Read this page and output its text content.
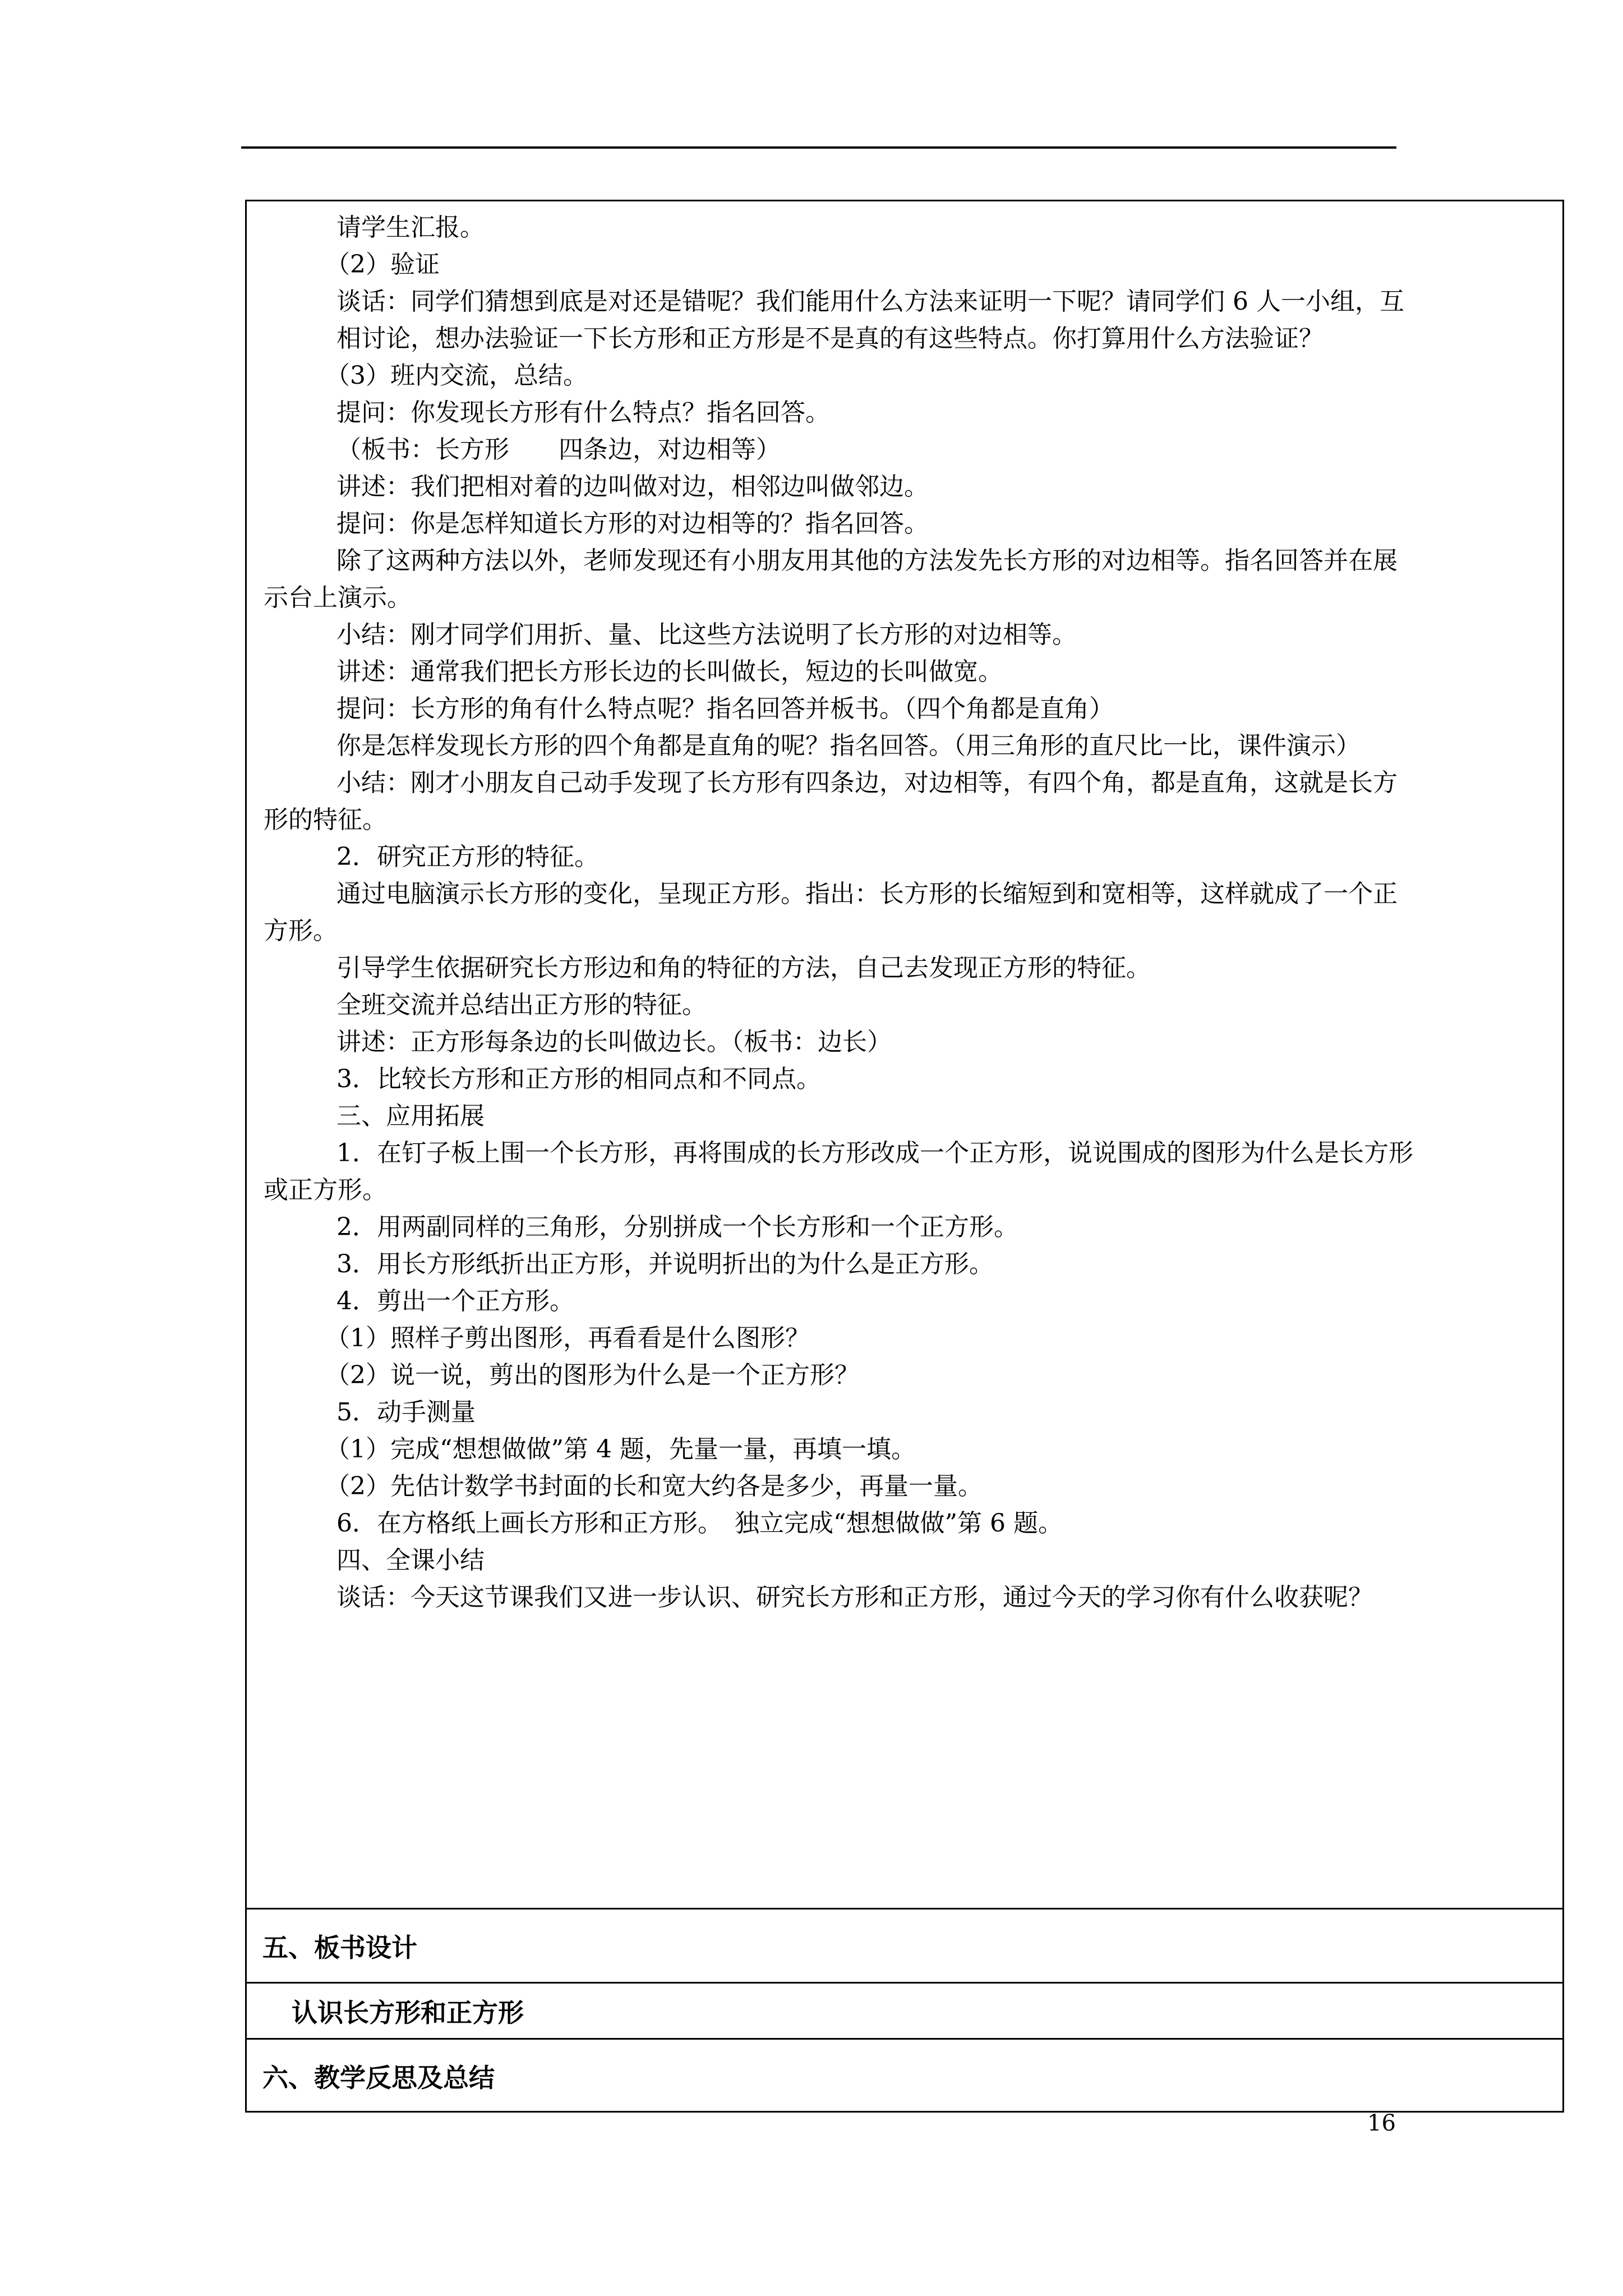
请学生汇报。
（2）验证
谈话：同学们猜想到底是对还是错呢？我们能用什么方法来证明一下呢？请同学们 6 人一小组，互
相讨论，想办法验证一下长方形和正方形是不是真的有这些特点。你打算用什么方法验证？
（3）班内交流，总结。
提问：你发现长方形有什么特点？指名回答。
（板书：长方形　　四条边，对边相等）
讲述：我们把相对着的边叫做对边，相邻边叫做邻边。
提问：你是怎样知道长方形的对边相等的？指名回答。
除了这两种方法以外，老师发现还有小朋友用其他的方法发先长方形的对边相等。指名回答并在展
示台上演示。
小结：刚才同学们用折、量、比这些方法说明了长方形的对边相等。
讲述：通常我们把长方形长边的长叫做长，短边的长叫做宽。
提问：长方形的角有什么特点呢？指名回答并板书。（四个角都是直角）
你是怎样发现长方形的四个角都是直角的呢？指名回答。（用三角形的直尺比一比，课件演示）
小结：刚才小朋友自己动手发现了长方形有四条边，对边相等，有四个角，都是直角，这就是长方
形的特征。
2．研究正方形的特征。
通过电脑演示长方形的变化，呈现正方形。指出：长方形的长缩短到和宽相等，这样就成了一个正
方形。
引导学生依据研究长方形边和角的特征的方法，自己去发现正方形的特征。
全班交流并总结出正方形的特征。
讲述：正方形每条边的长叫做边长。（板书：边长）
3．比较长方形和正方形的相同点和不同点。
三、应用拓展
1．在钉子板上围一个长方形，再将围成的长方形改成一个正方形，说说围成的图形为什么是长方形
或正方形。
2．用两副同样的三角形，分别拼成一个长方形和一个正方形。
3．用长方形纸折出正方形，并说明折出的为什么是正方形。
4．剪出一个正方形。
（1）照样子剪出图形，再看看是什么图形？
（2）说一说，剪出的图形为什么是一个正方形？
5．动手测量
（1）完成“想想做做”第 4 题，先量一量，再填一填。
（2）先估计数学书封面的长和宽大约各是多少，再量一量。
6．在方格纸上画长方形和正方形。　独立完成“想想做做”第 6 题。
四、全课小结
谈话：今天这节课我们又进一步认识、研究长方形和正方形，通过今天的学习你有什么收获呢？
五、板书设计
认识长方形和正方形
六、教学反思及总结
16
